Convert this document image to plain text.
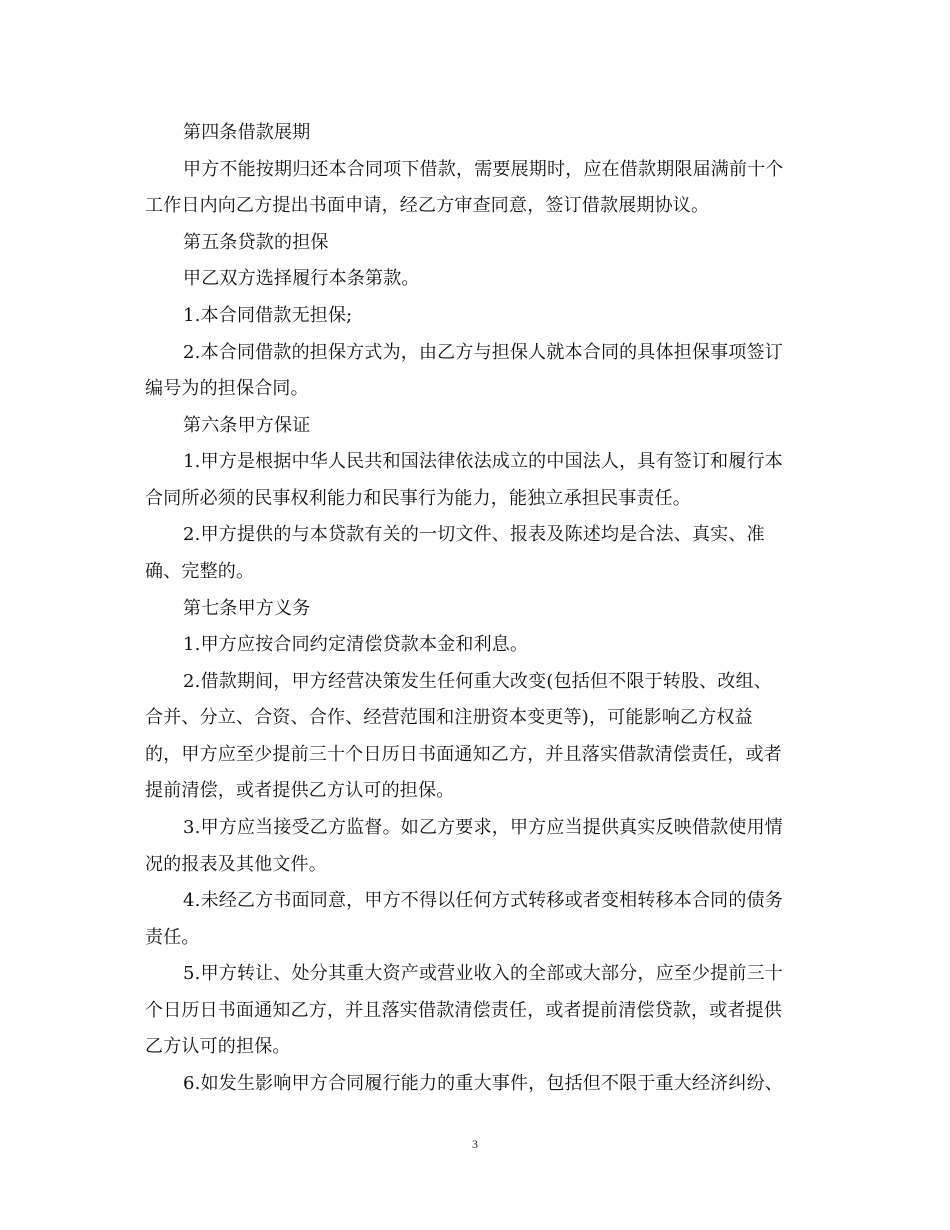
第四条借款展期
甲方不能按期归还本合同项下借款，需要展期时，应在借款期限届满前十个
工作日内向乙方提出书面申请，经乙方审查同意，签订借款展期协议。
第五条贷款的担保
甲乙双方选择履行本条第款。
1.本合同借款无担保;
2.本合同借款的担保方式为，由乙方与担保人就本合同的具体担保事项签订
编号为的担保合同。
第六条甲方保证
1.甲方是根据中华人民共和国法律依法成立的中国法人，具有签订和履行本
合同所必须的民事权利能力和民事行为能力，能独立承担民事责任。
2.甲方提供的与本贷款有关的一切文件、报表及陈述均是合法、真实、准
确、完整的。
第七条甲方义务
1.甲方应按合同约定清偿贷款本金和利息。
2.借款期间，甲方经营决策发生任何重大改变(包括但不限于转股、改组、
合并、分立、合资、合作、经营范围和注册资本变更等)，可能影响乙方权益
的，甲方应至少提前三十个日历日书面通知乙方，并且落实借款清偿责任，或者
提前清偿，或者提供乙方认可的担保。
3.甲方应当接受乙方监督。如乙方要求，甲方应当提供真实反映借款使用情
况的报表及其他文件。
4.未经乙方书面同意，甲方不得以任何方式转移或者变相转移本合同的债务
责任。
5.甲方转让、处分其重大资产或营业收入的全部或大部分，应至少提前三十
个日历日书面通知乙方，并且落实借款清偿责任，或者提前清偿贷款，或者提供
乙方认可的担保。
6.如发生影响甲方合同履行能力的重大事件，包括但不限于重大经济纠纷、
3
